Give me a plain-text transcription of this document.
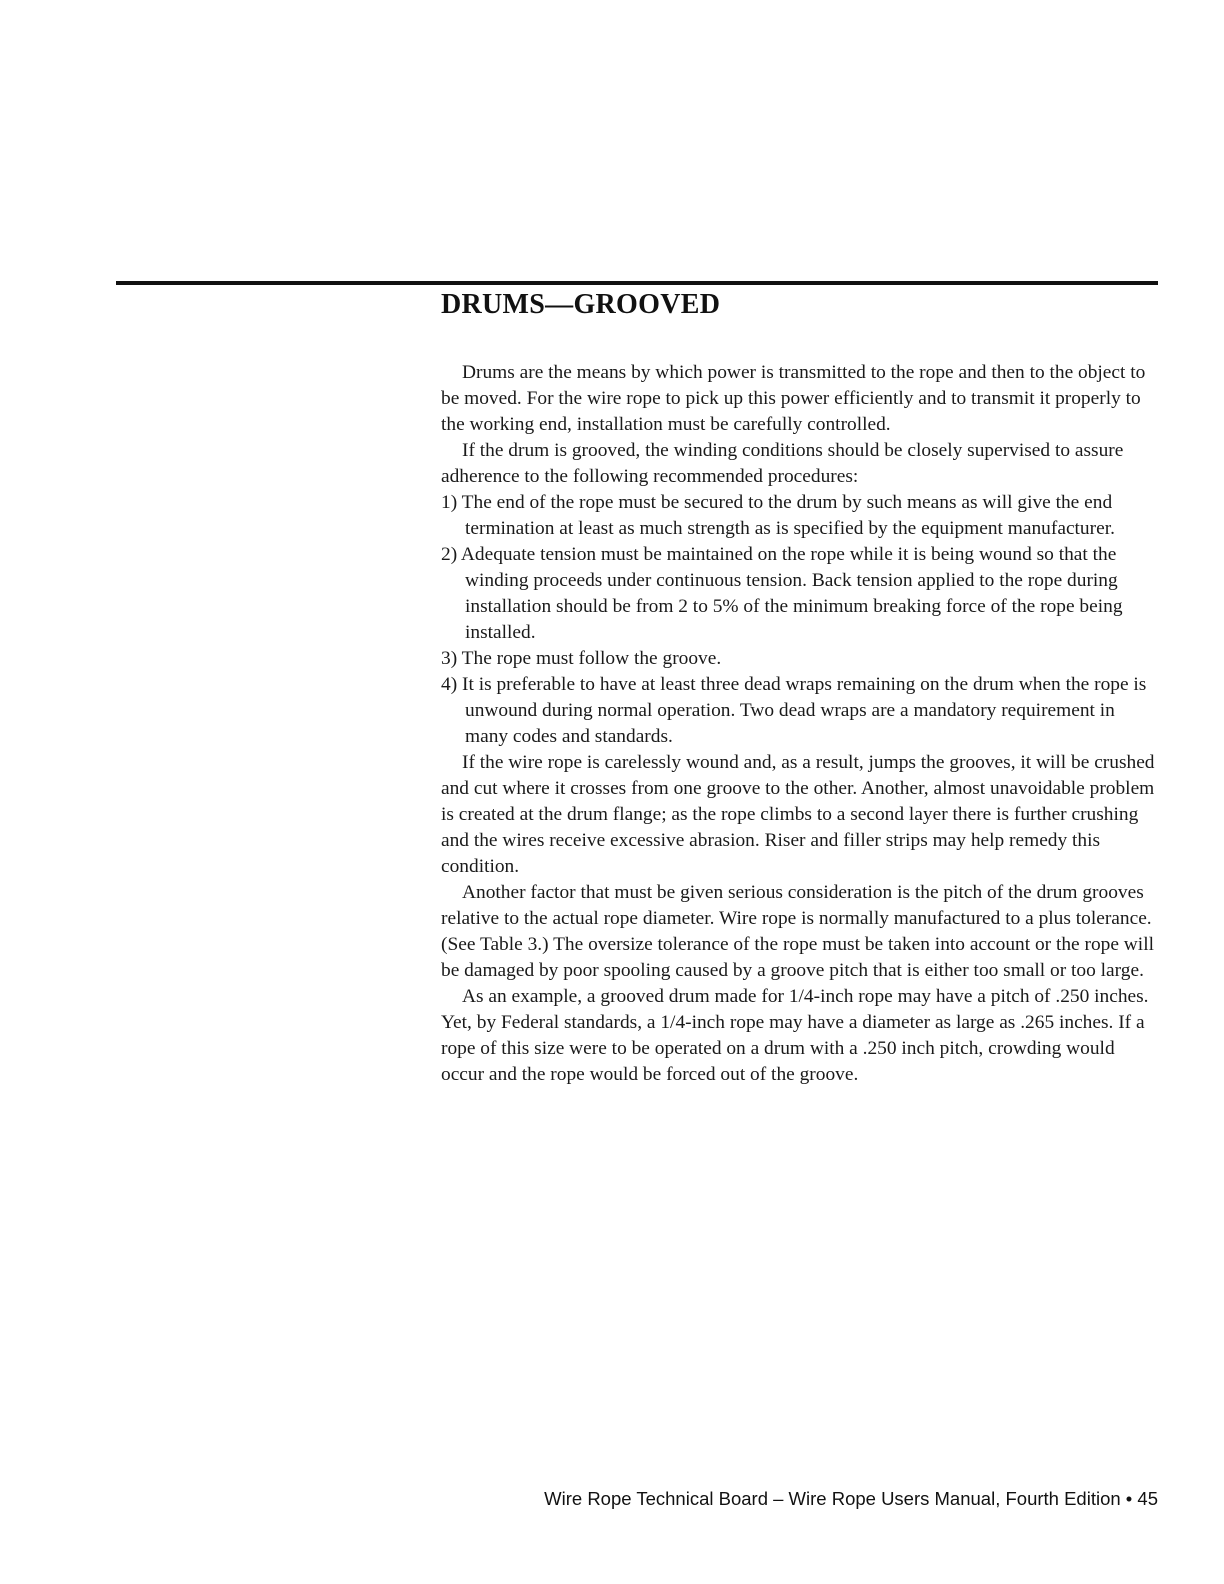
DRUMS—GROOVED

Drums are the means by which power is transmitted to the rope and then to the object to be moved. For the wire rope to pick up this power efficiently and to transmit it properly to the working end, installation must be carefully controlled.

If the drum is grooved, the winding conditions should be closely supervised to assure adherence to the following recommended procedures:

1) The end of the rope must be secured to the drum by such means as will give the end termination at least as much strength as is specified by the equipment manufacturer.
2) Adequate tension must be maintained on the rope while it is being wound so that the winding proceeds under continuous tension. Back tension applied to the rope during installation should be from 2 to 5% of the minimum breaking force of the rope being installed.
3) The rope must follow the groove.
4) It is preferable to have at least three dead wraps remaining on the drum when the rope is unwound during normal operation. Two dead wraps are a mandatory requirement in many codes and standards.

If the wire rope is carelessly wound and, as a result, jumps the grooves, it will be crushed and cut where it crosses from one groove to the other. Another, almost unavoidable problem is created at the drum flange; as the rope climbs to a second layer there is further crushing and the wires receive excessive abrasion. Riser and filler strips may help remedy this condition.

Another factor that must be given serious consideration is the pitch of the drum grooves relative to the actual rope diameter. Wire rope is normally manufactured to a plus tolerance. (See Table 3.) The oversize tolerance of the rope must be taken into account or the rope will be damaged by poor spooling caused by a groove pitch that is either too small or too large.

As an example, a grooved drum made for 1/4-inch rope may have a pitch of .250 inches. Yet, by Federal standards, a 1/4-inch rope may have a diameter as large as .265 inches. If a rope of this size were to be operated on a drum with a .250 inch pitch, crowding would occur and the rope would be forced out of the groove.

Wire Rope Technical Board – Wire Rope Users Manual, Fourth Edition • 45
